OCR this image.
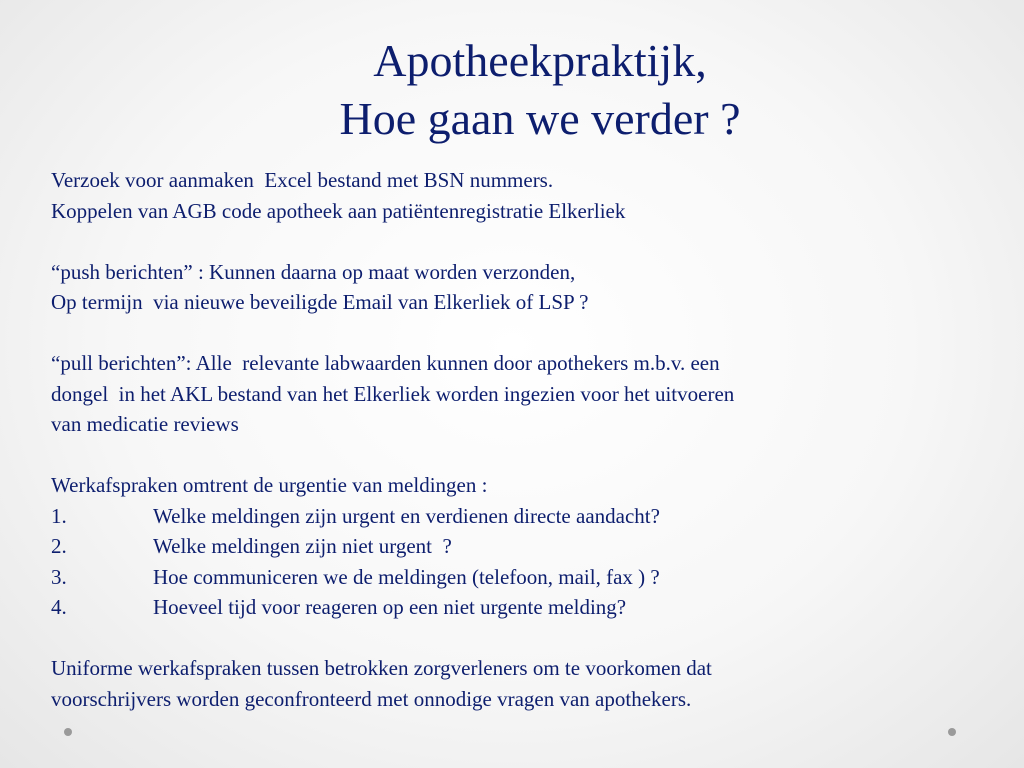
Apotheekpraktijk,
Hoe gaan we verder ?
Verzoek voor aanmaken  Excel bestand met BSN nummers.
Koppelen van AGB code apotheek aan patiëntenregistratie Elkerliek
“push berichten” : Kunnen daarna op maat worden verzonden,
Op termijn  via nieuwe beveiligde Email van Elkerliek of LSP ?
“pull berichten”: Alle  relevante labwaarden kunnen door apothekers m.b.v. een
dongel  in het AKL bestand van het Elkerliek worden ingezien voor het uitvoeren
van medicatie reviews
Werkafspraken omtrent de urgentie van meldingen :
1.	Welke meldingen zijn urgent en verdienen directe aandacht?
2.	Welke meldingen zijn niet urgent  ?
3.	Hoe communiceren we de meldingen (telefoon, mail, fax ) ?
4.	Hoeveel tijd voor reageren op een niet urgente melding?
Uniforme werkafspraken tussen betrokken zorgverleners om te voorkomen dat
voorschrijvers worden geconfronteerd met onnodige vragen van apothekers.
